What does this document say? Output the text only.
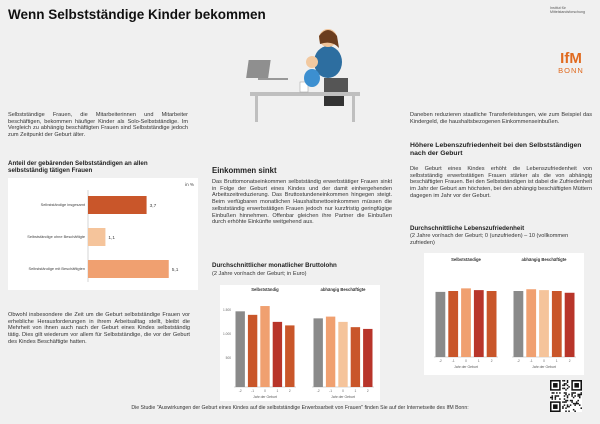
Wenn Selbstständige Kinder bekommen	Institut für Mittelstandsforschung
IfM
BONN
Selbstständige Frauen, die Mitarbeiterinnen und Mitarbeiter beschäftigen, bekommen häufiger Kinder als Solo-Selbstständige. Im Vergleich zu abhängig beschäftigten Frauen sind Selbstständige jedoch zum Zeitpunkt der Geburt älter.
Anteil der gebärenden Selbstständigen an allen selbstständig tätigen Frauen
in %
Selbstständige insgesamt	3,7
Selbstständige ohne Beschäftigte	1,1
Selbstständige mit Beschäftigten	5,1
Obwohl insbesondere die Zeit um die Geburt selbstständige Frauen vor erhebliche Herausforderungen in ihrem Arbeitsalltag stellt, bleibt die Mehrheit von ihnen auch nach der Geburt eines Kindes selbstständig tätig. Dies gilt wiederum vor allem für Selbstständige, die vor der Geburt des Kindes Beschäftigte hatten.
Einkommen sinkt
Das Bruttomonatseinkommen selbstständig erwerbstätiger Frauen sinkt in Folge der Geburt eines Kindes und der damit einhergehenden Arbeitszeitreduzierung. Das Bruttostundeneinkommen hingegen steigt. Beim verfügbaren monatlichen Haushaltsnettoeinkommen müssen die selbstständig erwerbstätigen Frauen jedoch nur kurzfristig geringfügige Einbußen hinnehmen. Offenbar gleichen ihre Partner die Einbußen durch erhöhte Einkünfte weitgehend aus.
Durchschnittlicher monatlicher Bruttolohn
(2 Jahre vor/nach der Geburt; in Euro)
Selbstständig
-2	-1	0	1	2
Jahr der Geburt
abhängig Beschäftigte
-2	-1	0	1	2
Jahr der Geburt
1.500
1.000
500
Daneben reduzieren staatliche Transferleistungen, wie zum Beispiel das Kindergeld, die haushaltsbezogenen Einkommenseinbußen.
Höhere Lebenszufriedenheit bei den Selbstständigen nach der Geburt
Die Geburt eines Kindes erhöht die Lebenszufriedenheit von selbstständig erwerbstätigen Frauen stärker als die von abhängig beschäftigten Frauen. Bei den Selbstständigen ist dabei die Zufriedenheit im Jahr der Geburt am höchsten, bei den abhängig beschäftigten Müttern dagegen im Jahr vor der Geburt.
Durchschnittliche Lebenszufriedenheit
(2 Jahre vor/nach der Geburt; 0 (unzufrieden) – 10 (vollkommen zufrieden)
Selbstständige
-2	-1	0	1	2
Jahr der Geburt
abhängig Beschäftigte
-2	-1	0	1	2
Jahr der Geburt
Die Studie "Auswirkungen der Geburt eines Kindes auf die selbstständige Erwerbsarbeit von Frauen" finden Sie auf der Internetseite des IfM Bonn:
